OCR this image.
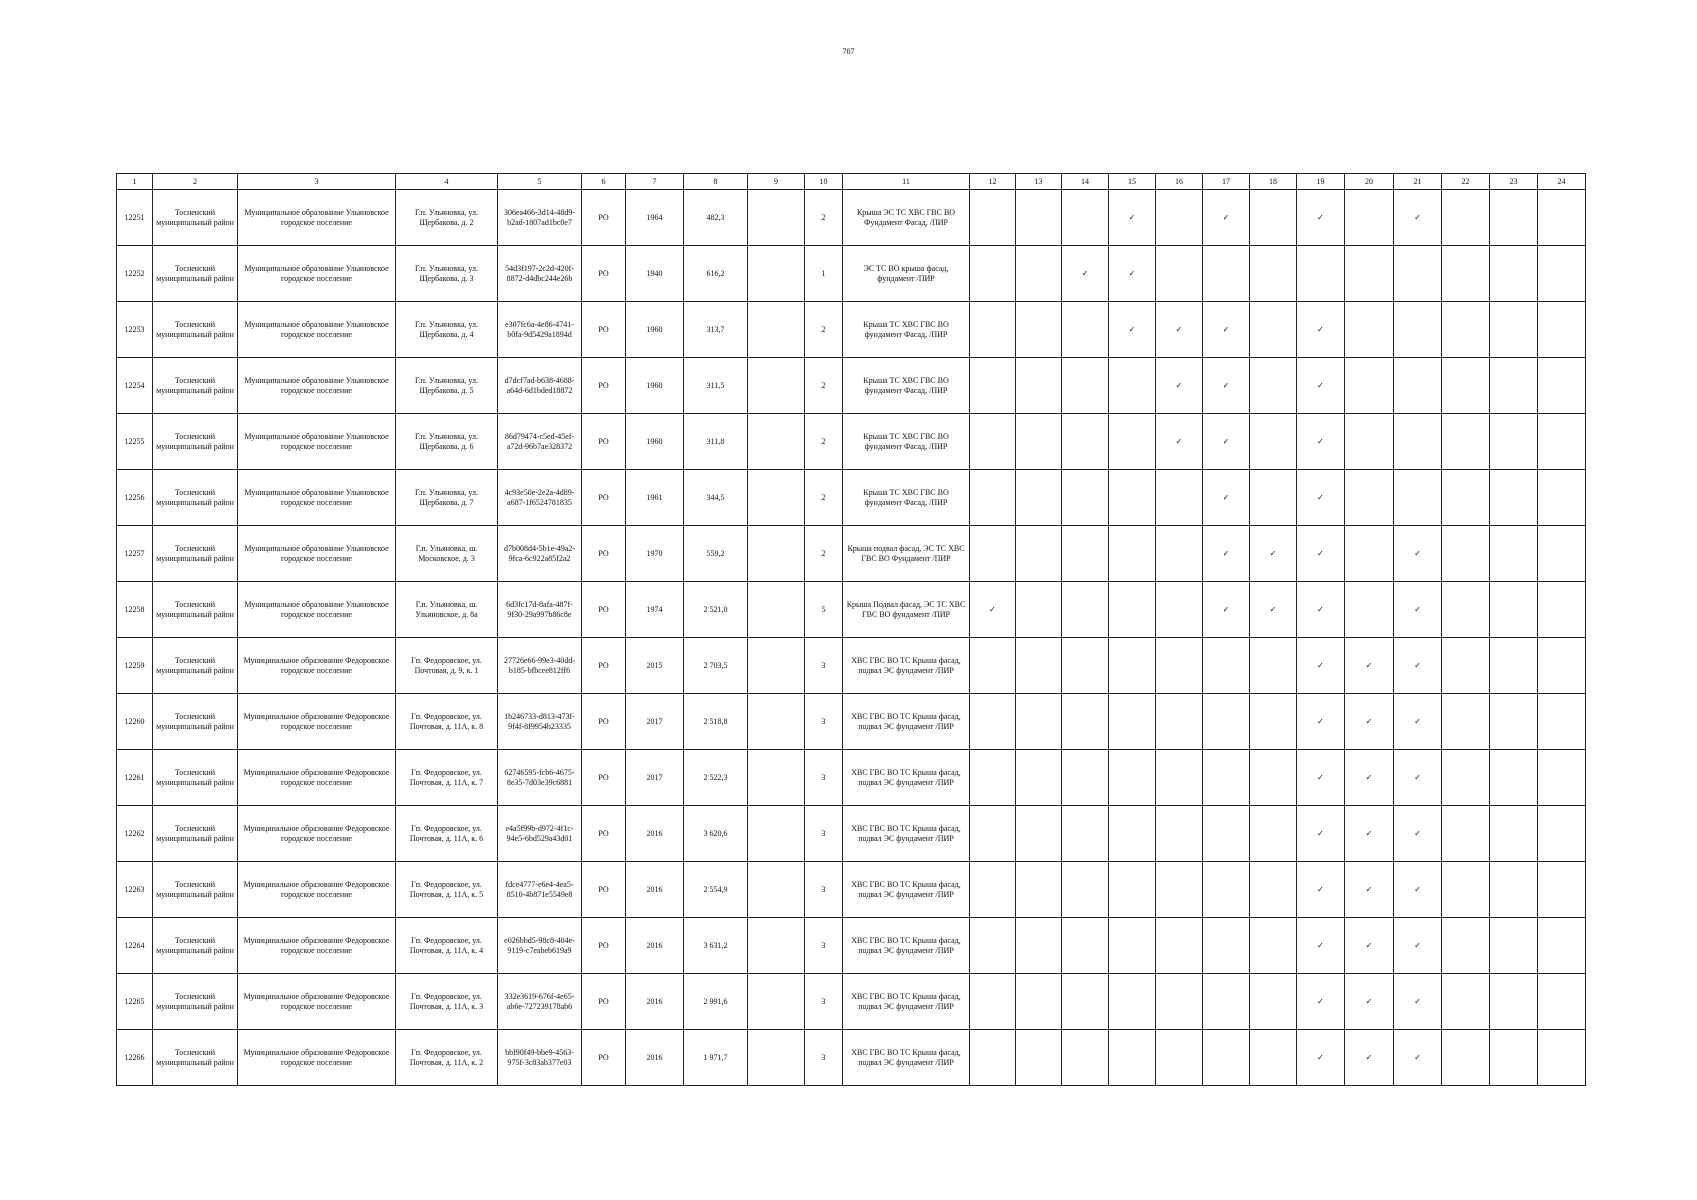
767
1	2	3	4	5	6	7	8	9	10	11	12	13	14	15	16	17	18	19	20	21	22	23	24
12251	Тосненский муниципальный район	Муниципальное образование Ульяновское городское поселение	Г.п. Ульяновка, ул. Щербакова, д. 2	306ea466-3d14-48d9-b2ad-1807ad1bc0e7	РО	1964	482,3		2	Крыша ЭС ТС ХВС ГВС ВО Фундамент Фасад, /ПИР				✓		✓		✓		✓			
12252	Тосненский муниципальный район	Муниципальное образование Ульяновское городское поселение	Г.п. Ульяновка, ул. Щербакова, д. 3	54d3f197-2c2d-420f-8872-d4dbc244e26b	РО	1940	616,2		1	ЭС ТС ВО крыша фасад, фундамент /ПИР			✓	✓									
12253	Тосненский муниципальный район	Муниципальное образование Ульяновское городское поселение	Г.п. Ульяновка, ул. Щербакова, д. 4	e307fc6a-4e86-4741-b0fa-9d5429a1894d	РО	1960	313,7		2	Крыша ТС ХВС ГВС ВО фундамент Фасад, /ПИР				✓	✓	✓		✓					
12254	Тосненский муниципальный район	Муниципальное образование Ульяновское городское поселение	Г.п. Ульяновка, ул. Щербакова, д. 5	d7dcf7ad-b638-4688-a64d-6d1bded18872	РО	1960	311,5		2	Крыша ТС ХВС ГВС ВО фундамент Фасад, /ПИР					✓	✓		✓					
12255	Тосненский муниципальный район	Муниципальное образование Ульяновское городское поселение	Г.п. Ульяновка, ул. Щербакова, д. 6	86d79474-c5ed-45ef-a72d-96b7ae328372	РО	1960	311,8		2	Крыша ТС ХВС ГВС ВО фундамент Фасад, /ПИР					✓	✓		✓					
12256	Тосненский муниципальный район	Муниципальное образование Ульяновское городское поселение	Г.п. Ульяновка, ул. Щербакова, д. 7	4c93e50e-2e2a-4d89-a687-1f6524781835	РО	1961	344,5		2	Крыша ТС ХВС ГВС ВО фундамент Фасад, /ПИР						✓		✓					
12257	Тосненский муниципальный район	Муниципальное образование Ульяновское городское поселение	Г.п. Ульяновка, ш. Московское, д. 3	d7b008d4-5b1e-49a2-9fca-6c922a85f2a2	РО	1970	559,2		2	Крыша подвал фасад, ЭС ТС ХВС ГВС ВО Фундамент /ПИР						✓	✓	✓		✓			
12258	Тосненский муниципальный район	Муниципальное образование Ульяновское городское поселение	Г.п. Ульяновка, ш. Ульяновское, д. 8а	6d3fc17d-8afa-487f-9f30-29a997b86c8e	РО	1974	2 521,0		5	Крыша Подвал фасад, ЭС ТС ХВС ГВС ВО фундамент /ПИР	✓					✓	✓	✓		✓			
12259	Тосненский муниципальный район	Муниципальное образование Федоровское городское поселение	Гп. Федоровское, ул. Почтовая, д. 9, к. 1	27726e66-99e3-40dd-b185-bfbcee812ff6	РО	2015	2 703,5		3	ХВС ГВС ВО ТС Крыша фасад, подвал ЭС фундамент /ПИР								✓	✓	✓			
12260	Тосненский муниципальный район	Муниципальное образование Федоровское городское поселение	Гп. Федоровское, ул. Почтовая, д. 11А, к. 8	1b246733-d813-473f-9f4f-8f9954b23335	РО	2017	2 518,8		3	ХВС ГВС ВО ТС Крыша фасад, подвал ЭС фундамент /ПИР								✓	✓	✓			
12261	Тосненский муниципальный район	Муниципальное образование Федоровское городское поселение	Гп. Федоровское, ул. Почтовая, д. 11А, к. 7	62746595-fcb6-4675-8e35-7d03e39c6881	РО	2017	2 522,3		3	ХВС ГВС ВО ТС Крыша фасад, подвал ЭС фундамент /ПИР								✓	✓	✓			
12262	Тосненский муниципальный район	Муниципальное образование Федоровское городское поселение	Гп. Федоровское, ул. Почтовая, д. 11А, к. 6	e4a5f99b-d972-4f1c-94e5-6bd529a43d01	РО	2016	3 620,6		3	ХВС ГВС ВО ТС Крыша фасад, подвал ЭС фундамент /ПИР								✓	✓	✓			
12263	Тосненский муниципальный район	Муниципальное образование Федоровское городское поселение	Гп. Федоровское, ул. Почтовая, д. 11А, к. 5	fdce4777-e6e4-4ea5-8510-4b871e5549e8	РО	2016	2 554,9		3	ХВС ГВС ВО ТС Крыша фасад, подвал ЭС фундамент /ПИР								✓	✓	✓			
12264	Тосненский муниципальный район	Муниципальное образование Федоровское городское поселение	Гп. Федоровское, ул. Почтовая, д. 11А, к. 4	e026bbd5-98c8-404e-9119-c7eabeb619a9	РО	2016	3 631,2		3	ХВС ГВС ВО ТС Крыша фасад, подвал ЭС фундамент /ПИР								✓	✓	✓			
12265	Тосненский муниципальный район	Муниципальное образование Федоровское городское поселение	Гп. Федоровское, ул. Почтовая, д. 11А, к. 3	332e3619-676f-4e65-ab6e-727239178ab6	РО	2016	2 991,6		3	ХВС ГВС ВО ТС Крыша фасад, подвал ЭС фундамент /ПИР								✓	✓	✓			
12266	Тосненский муниципальный район	Муниципальное образование Федоровское городское поселение	Гп. Федоровское, ул. Почтовая, д. 11А, к. 2	bbf90f49-bbe9-4563-975f-3c83ab377e03	РО	2016	1 971,7		3	ХВС ГВС ВО ТС Крыша фасад, подвал ЭС фундамент /ПИР								✓	✓	✓			
